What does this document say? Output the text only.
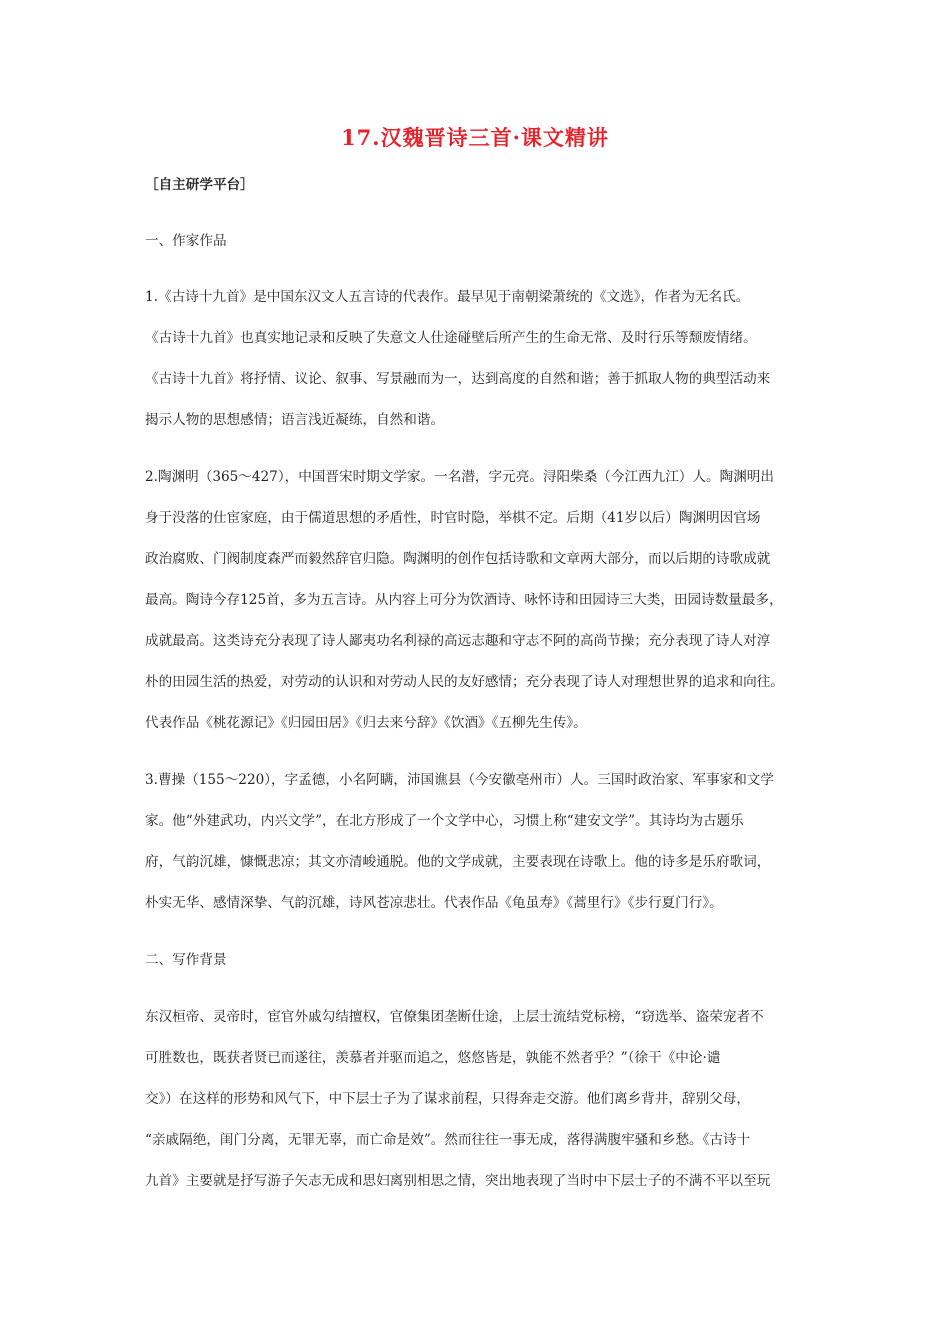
17.汉魏晋诗三首·课文精讲
［自主研学平台］
一、作家作品
1.《古诗十九首》是中国东汉文人五言诗的代表作。最早见于南朝梁萧统的《文选》，作者为无名氏。
《古诗十九首》也真实地记录和反映了失意文人仕途碰壁后所产生的生命无常、及时行乐等颓废情绪。
《古诗十九首》将抒情、议论、叙事、写景融而为一，达到高度的自然和谐；善于抓取人物的典型活动来
揭示人物的思想感情；语言浅近凝练，自然和谐。
2.陶渊明（365～427），中国晋宋时期文学家。一名潜，字元亮。浔阳柴桑（今江西九江）人。陶渊明出
身于没落的仕宦家庭，由于儒道思想的矛盾性，时官时隐，举棋不定。后期（41岁以后）陶渊明因官场
政治腐败、门阀制度森严而毅然辞官归隐。陶渊明的创作包括诗歌和文章两大部分，而以后期的诗歌成就
最高。陶诗今存125首，多为五言诗。从内容上可分为饮酒诗、咏怀诗和田园诗三大类，田园诗数量最多，
成就最高。这类诗充分表现了诗人鄙夷功名利禄的高远志趣和守志不阿的高尚节操；充分表现了诗人对淳
朴的田园生活的热爱，对劳动的认识和对劳动人民的友好感情；充分表现了诗人对理想世界的追求和向往。
代表作品《桃花源记》《归园田居》《归去来兮辞》《饮酒》《五柳先生传》。
3.曹操（155～220），字孟德，小名阿瞒，沛国谯县（今安徽亳州市）人。三国时政治家、军事家和文学
家。他“外建武功，内兴文学”，在北方形成了一个文学中心，习惯上称“建安文学”。其诗均为古题乐
府，气韵沉雄，慷慨悲凉；其文亦清峻通脱。他的文学成就，主要表现在诗歌上。他的诗多是乐府歌词，
朴实无华、感情深挚、气韵沉雄，诗风苍凉悲壮。代表作品《龟虽寿》《蒿里行》《步行夏门行》。
二、写作背景
东汉桓帝、灵帝时，宦官外戚勾结擅权，官僚集团垄断仕途，上层士流结党标榜，“窃选举、盗荣宠者不
可胜数也，既获者贤已而遂往，羡慕者并驱而追之，悠悠皆是，孰能不然者乎？”（徐干《中论·谴
交》）在这样的形势和风气下，中下层士子为了谋求前程，只得奔走交游。他们离乡背井，辞别父母，
“亲戚隔绝，闺门分离，无罪无辜，而亡命是效”。然而往往一事无成，落得满腹牢骚和乡愁。《古诗十
九首》主要就是抒写游子矢志无成和思妇离别相思之情，突出地表现了当时中下层士子的不满不平以至玩
